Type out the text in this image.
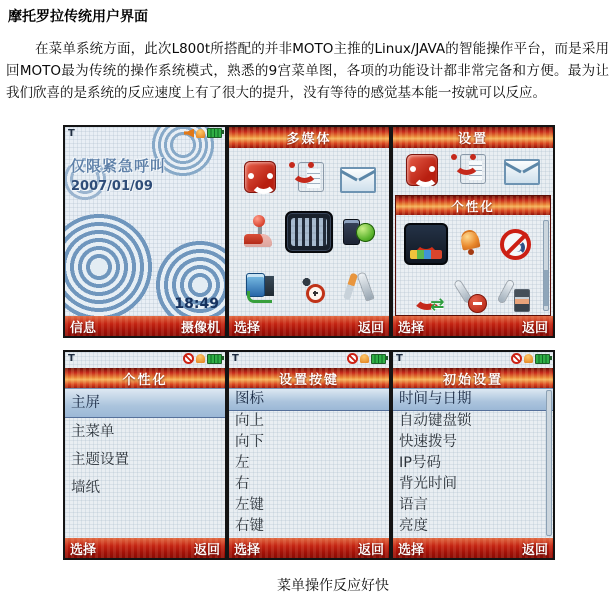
摩托罗拉传统用户界面

在菜单系统方面，此次L800t所搭配的并非MOTO主推的Linux/JAVA的智能操作平台，而是采用回MOTO最为传统的操作系统模式，熟悉的9宫菜单图，各项的功能设计都非常完备和方便。最为让我们欣喜的是系统的反应速度上有了很大的提升，没有等待的感觉基本能一按就可以反应。

T
仅限紧急呼叫
2007/01/09
18:49
信息	摄像机
多媒体
选择	返回
设置
个性化
⇄
选择	返回
T
个性化
主屏
主菜单
主题设置
墙纸
选择	返回
T
设置按键
图标
向上
向下
左
右
左键
右键
选择	返回
T
初始设置
时间与日期
自动键盘锁
快速拨号
IP号码
背光时间
语言
亮度
选择	返回
菜单操作反应好快
